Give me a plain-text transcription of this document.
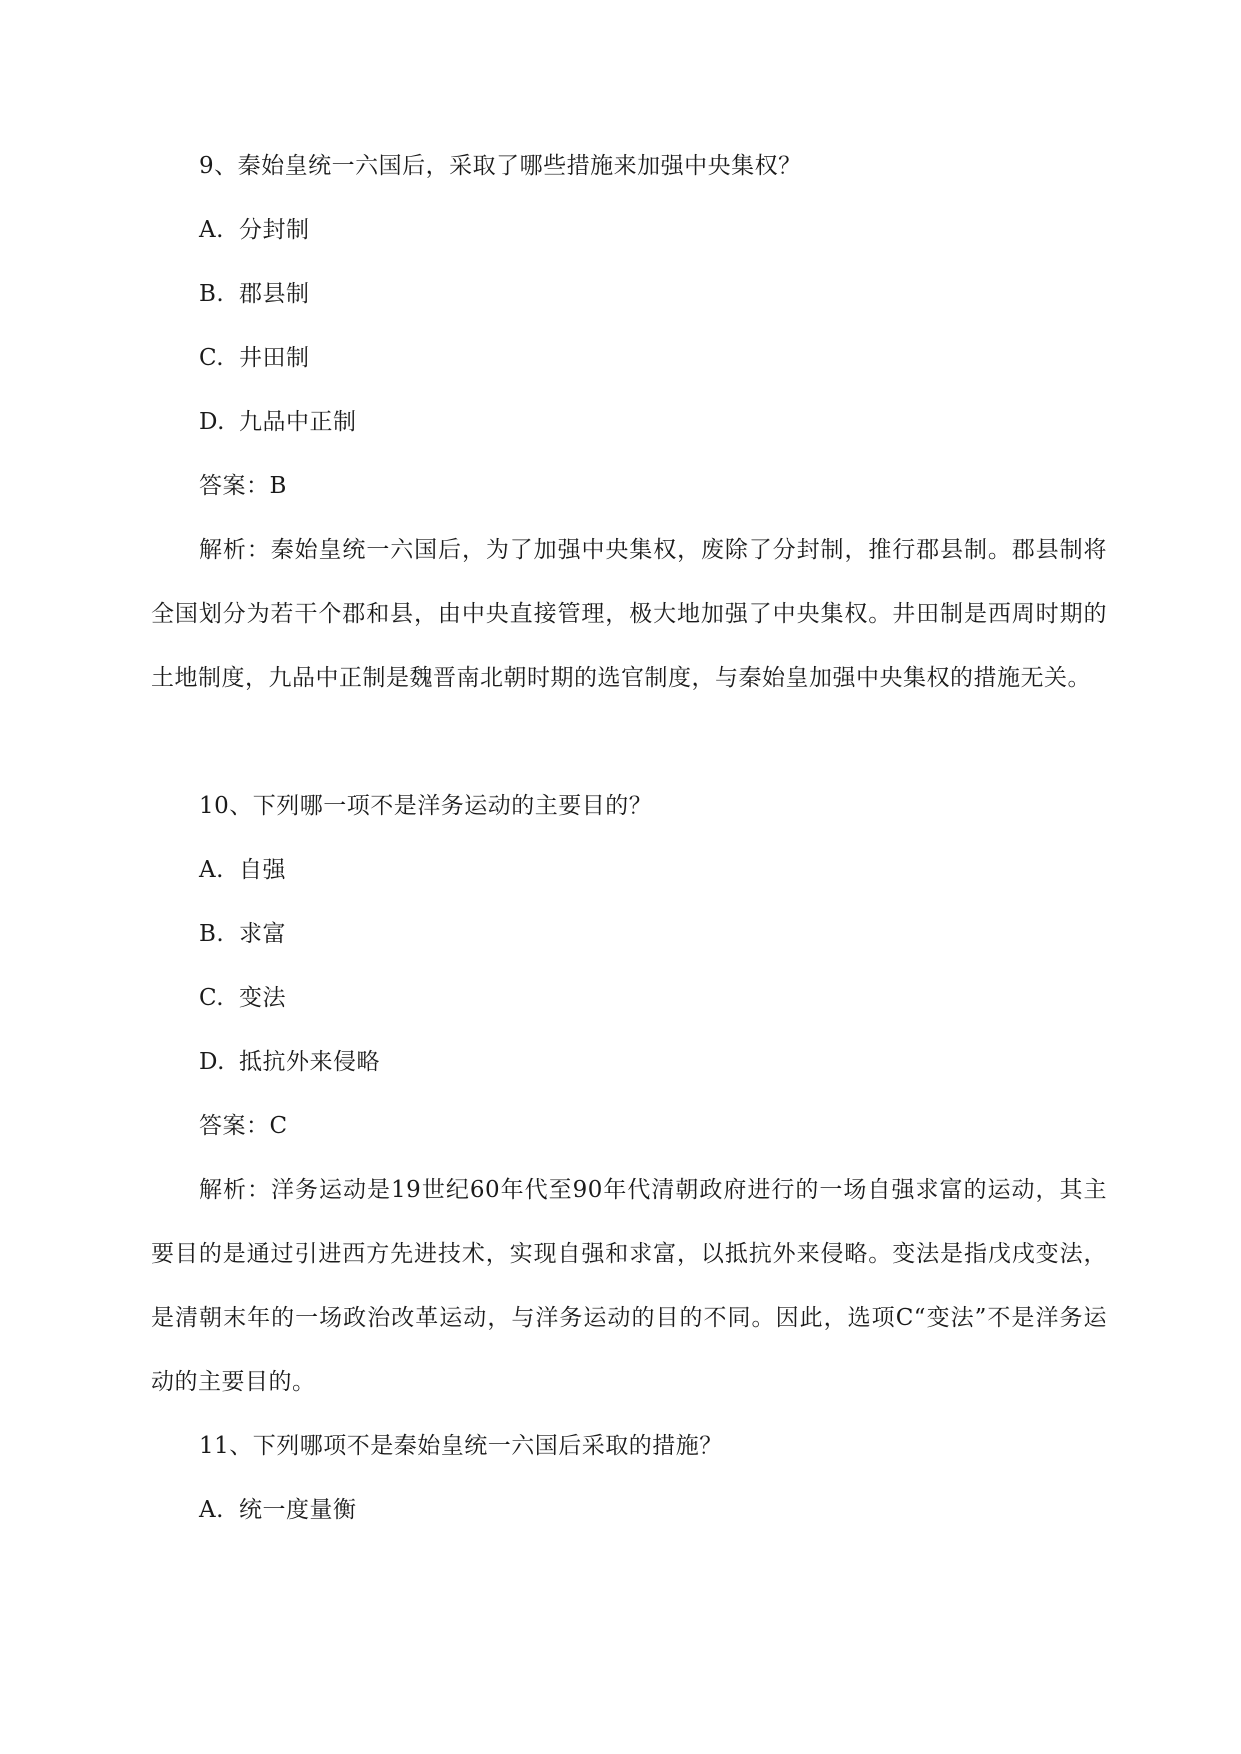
9、秦始皇统一六国后，采取了哪些措施来加强中央集权？
A. 分封制
B. 郡县制
C. 井田制
D. 九品中正制
答案：B
解析：秦始皇统一六国后，为了加强中央集权，废除了分封制，推行郡县制。郡县制将全国划分为若干个郡和县，由中央直接管理，极大地加强了中央集权。井田制是西周时期的土地制度，九品中正制是魏晋南北朝时期的选官制度，与秦始皇加强中央集权的措施无关。
10、下列哪一项不是洋务运动的主要目的？
A. 自强
B. 求富
C. 变法
D. 抵抗外来侵略
答案：C
解析：洋务运动是19世纪60年代至90年代清朝政府进行的一场自强求富的运动，其主要目的是通过引进西方先进技术，实现自强和求富，以抵抗外来侵略。变法是指戊戌变法，是清朝末年的一场政治改革运动，与洋务运动的目的不同。因此，选项C“变法”不是洋务运动的主要目的。
11、下列哪项不是秦始皇统一六国后采取的措施？
A. 统一度量衡
